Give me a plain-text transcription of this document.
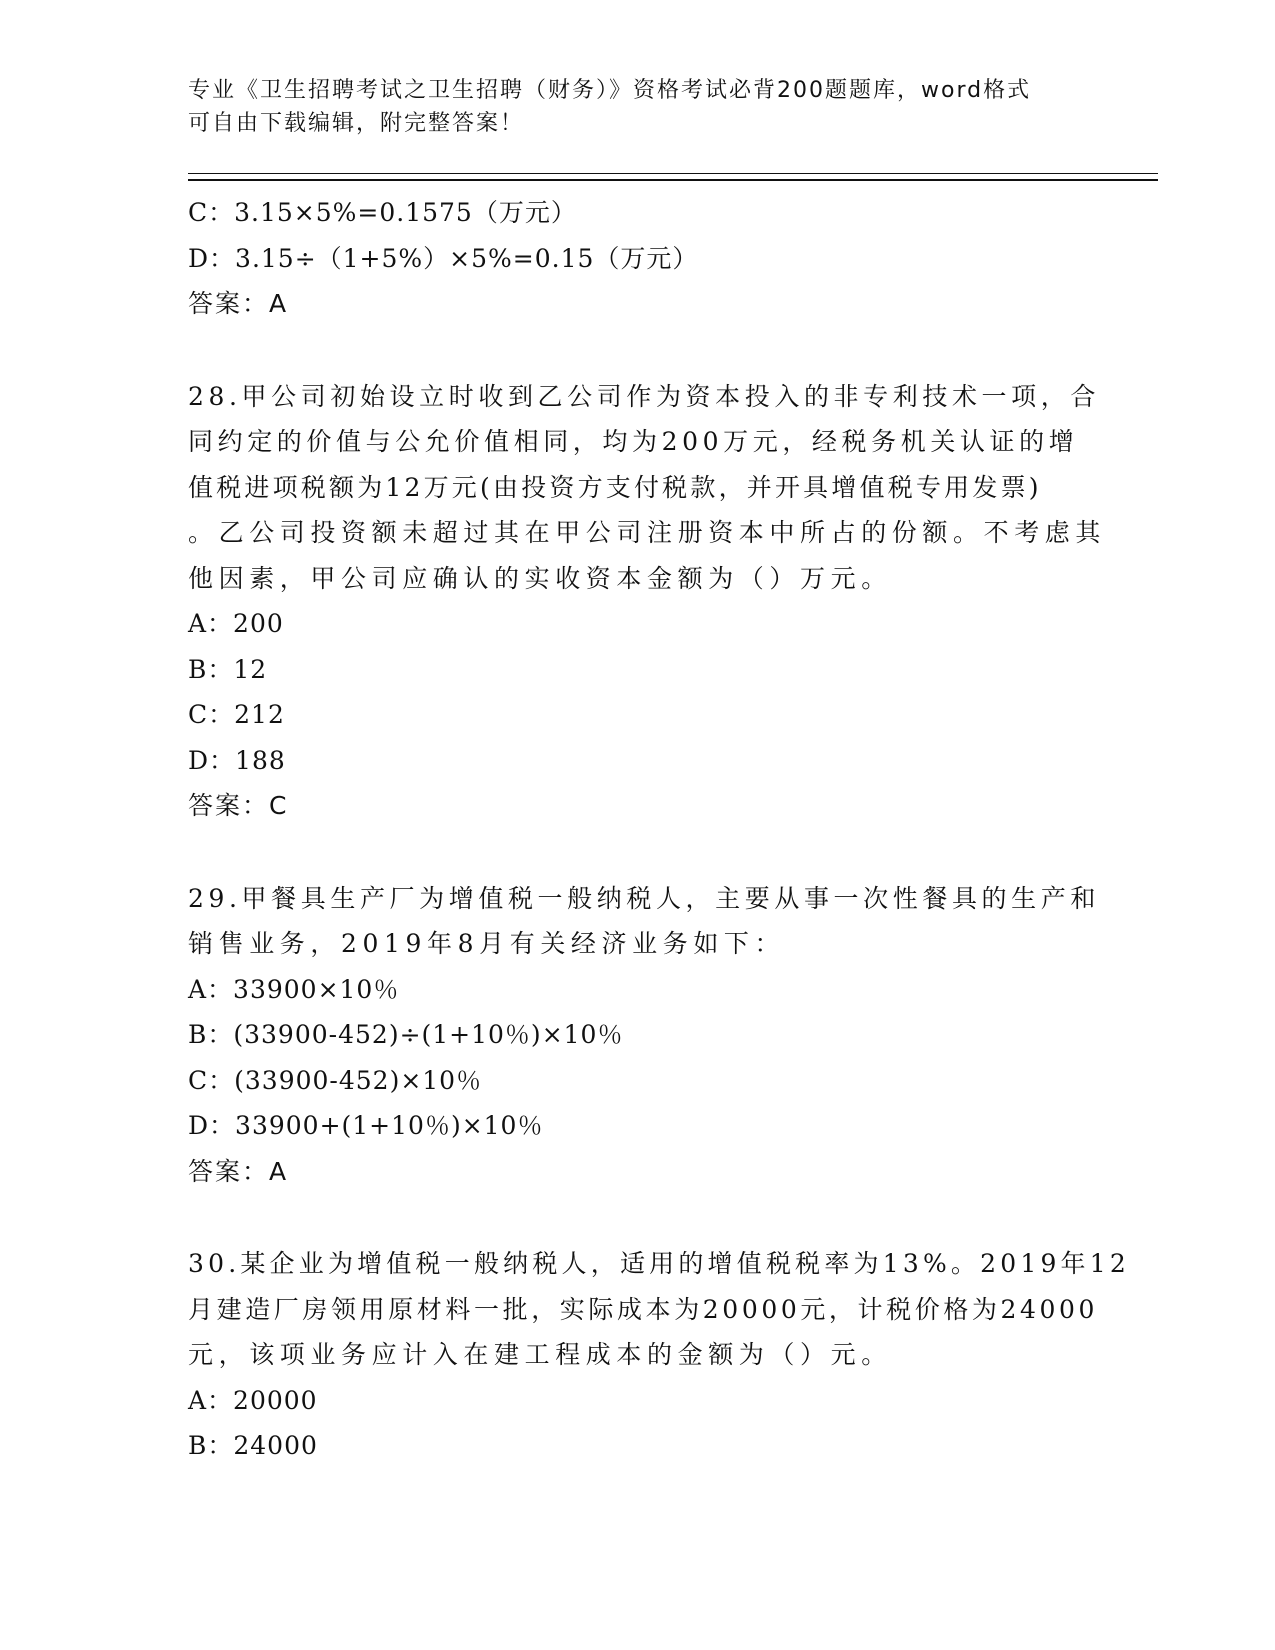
专业《卫生招聘考试之卫生招聘（财务）》资格考试必背200题题库，word格式
可自由下载编辑，附完整答案！
C：3.15×5%=0.1575（万元）
D：3.15÷（1+5%）×5%=0.15（万元）
答案：A
28.甲公司初始设立时收到乙公司作为资本投入的非专利技术一项，合
同约定的价值与公允价值相同，均为200万元，经税务机关认证的增
值税进项税额为12万元(由投资方支付税款，并开具增值税专用发票)
。乙公司投资额未超过其在甲公司注册资本中所占的份额。不考虑其
他因素，甲公司应确认的实收资本金额为（）万元。
A：200
B：12
C：212
D：188
答案：C
29.甲餐具生产厂为增值税一般纳税人，主要从事一次性餐具的生产和
销售业务，2019年8月有关经济业务如下：
A：33900×10％
B：(33900-452)÷(1+10％)×10％
C：(33900-452)×10％
D：33900+(1+10％)×10％
答案：A
30.某企业为增值税一般纳税人，适用的增值税税率为13%。2019年12
月建造厂房领用原材料一批，实际成本为20000元，计税价格为24000
元，该项业务应计入在建工程成本的金额为（）元。
A：20000
B：24000
